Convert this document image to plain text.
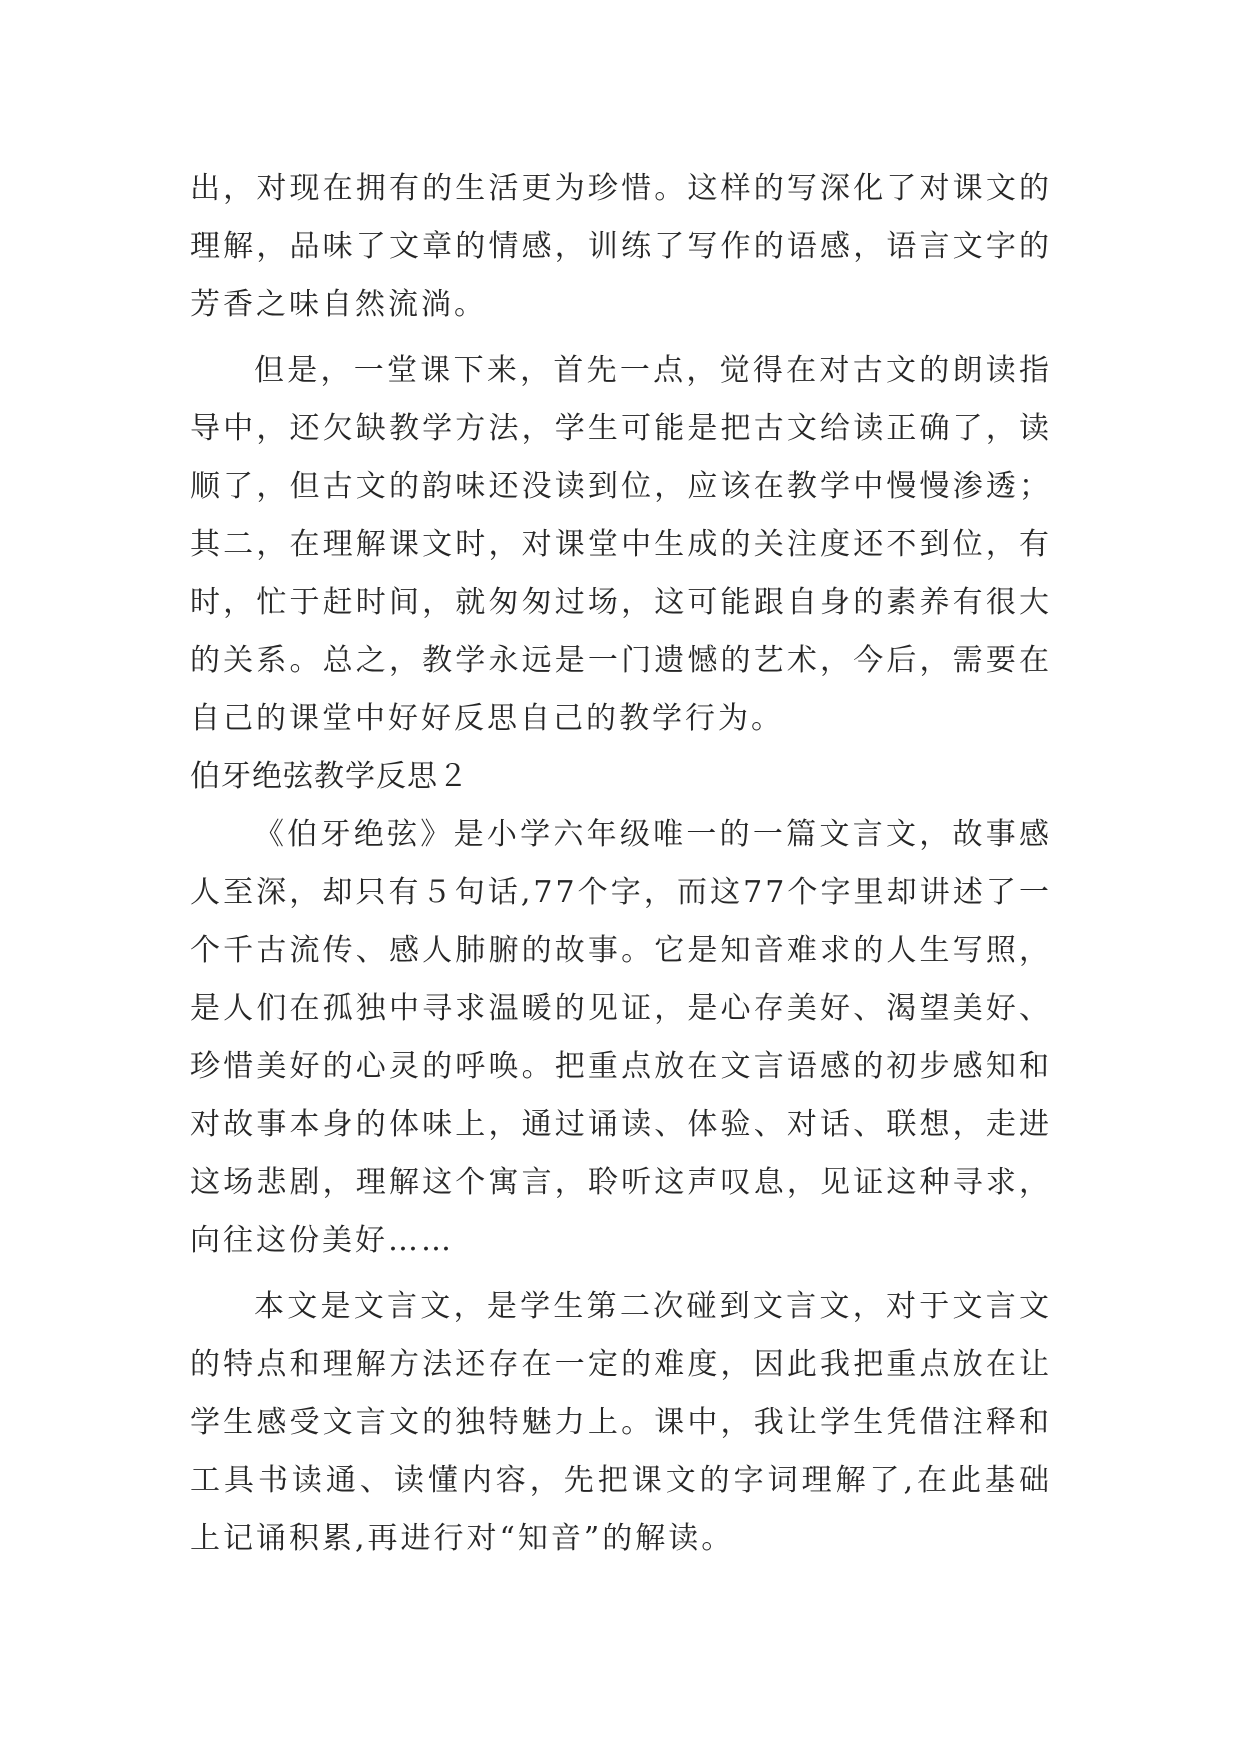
出，对现在拥有的生活更为珍惜。这样的写深化了对课文的
理解，品味了文章的情感，训练了写作的语感，语言文字的
芳香之味自然流淌。
但是，一堂课下来，首先一点，觉得在对古文的朗读指
导中，还欠缺教学方法，学生可能是把古文给读正确了，读
顺了，但古文的韵味还没读到位，应该在教学中慢慢渗透；
其二，在理解课文时，对课堂中生成的关注度还不到位，有
时，忙于赶时间，就匆匆过场，这可能跟自身的素养有很大
的关系。总之，教学永远是一门遗憾的艺术，今后，需要在
自己的课堂中好好反思自己的教学行为。
伯牙绝弦教学反思２
《伯牙绝弦》是小学六年级唯一的一篇文言文，故事感
人至深，却只有５句话,77个字，而这77个字里却讲述了一
个千古流传、感人肺腑的故事。它是知音难求的人生写照，
是人们在孤独中寻求温暖的见证，是心存美好、渴望美好、
珍惜美好的心灵的呼唤。把重点放在文言语感的初步感知和
对故事本身的体味上，通过诵读、体验、对话、联想，走进
这场悲剧，理解这个寓言，聆听这声叹息，见证这种寻求，
向往这份美好……
本文是文言文，是学生第二次碰到文言文，对于文言文
的特点和理解方法还存在一定的难度，因此我把重点放在让
学生感受文言文的独特魅力上。课中，我让学生凭借注释和
工具书读通、读懂内容，先把课文的字词理解了,在此基础
上记诵积累,再进行对“知音”的解读。
